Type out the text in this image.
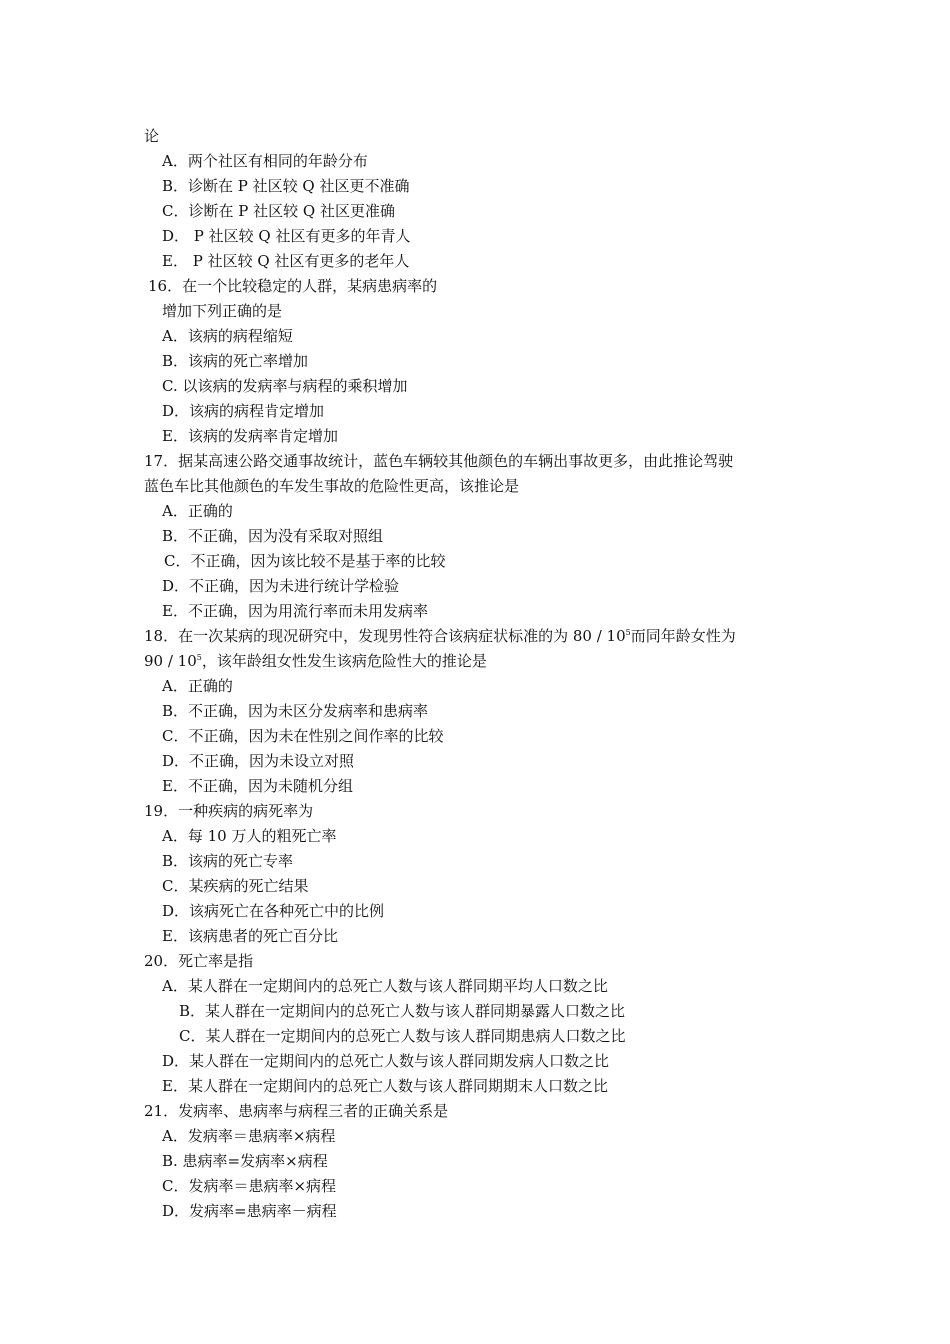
论
A．两个社区有相同的年龄分布
B．诊断在 P 社区较 Q 社区更不准确
C．诊断在 P 社区较 Q 社区更准确
D． P 社区较 Q 社区有更多的年青人
E． P 社区较 Q 社区有更多的老年人
16．在一个比较稳定的人群，某病患病率的
增加下列正确的是
A．该病的病程缩短
B．该病的死亡率增加
C. 以该病的发病率与病程的乘积增加
D．该病的病程肯定增加
E．该病的发病率肯定增加
17．据某高速公路交通事故统计，蓝色车辆较其他颜色的车辆出事故更多，由此推论驾驶
蓝色车比其他颜色的车发生事故的危险性更高，该推论是
A．正确的
B．不正确，因为没有采取对照组
C．不正确，因为该比较不是基于率的比较
D．不正确，因为未进行统计学检验
E．不正确，因为用流行率而未用发病率
18．在一次某病的现况研究中，发现男性符合该病症状标准的为 $80 / 10^5$而同年龄女性为
$90 / 10^5$，该年龄组女性发生该病危险性大的推论是
A．正确的
B．不正确，因为未区分发病率和患病率
C．不正确，因为未在性别之间作率的比较
D．不正确，因为未设立对照
E．不正确，因为未随机分组
19．一种疾病的病死率为
A．每 10 万人的粗死亡率
B．该病的死亡专率
C．某疾病的死亡结果
D．该病死亡在各种死亡中的比例
E．该病患者的死亡百分比
20．死亡率是指
A．某人群在一定期间内的总死亡人数与该人群同期平均人口数之比
B．某人群在一定期间内的总死亡人数与该人群同期暴露人口数之比
C．某人群在一定期间内的总死亡人数与该人群同期患病人口数之比
D．某人群在一定期间内的总死亡人数与该人群同期发病人口数之比
E．某人群在一定期间内的总死亡人数与该人群同期期末人口数之比
21．发病率、患病率与病程三者的正确关系是
A．发病率＝患病率×病程
B. 患病率=发病率×病程
C．发病率＝患病率×病程
D．发病率=患病率－病程
